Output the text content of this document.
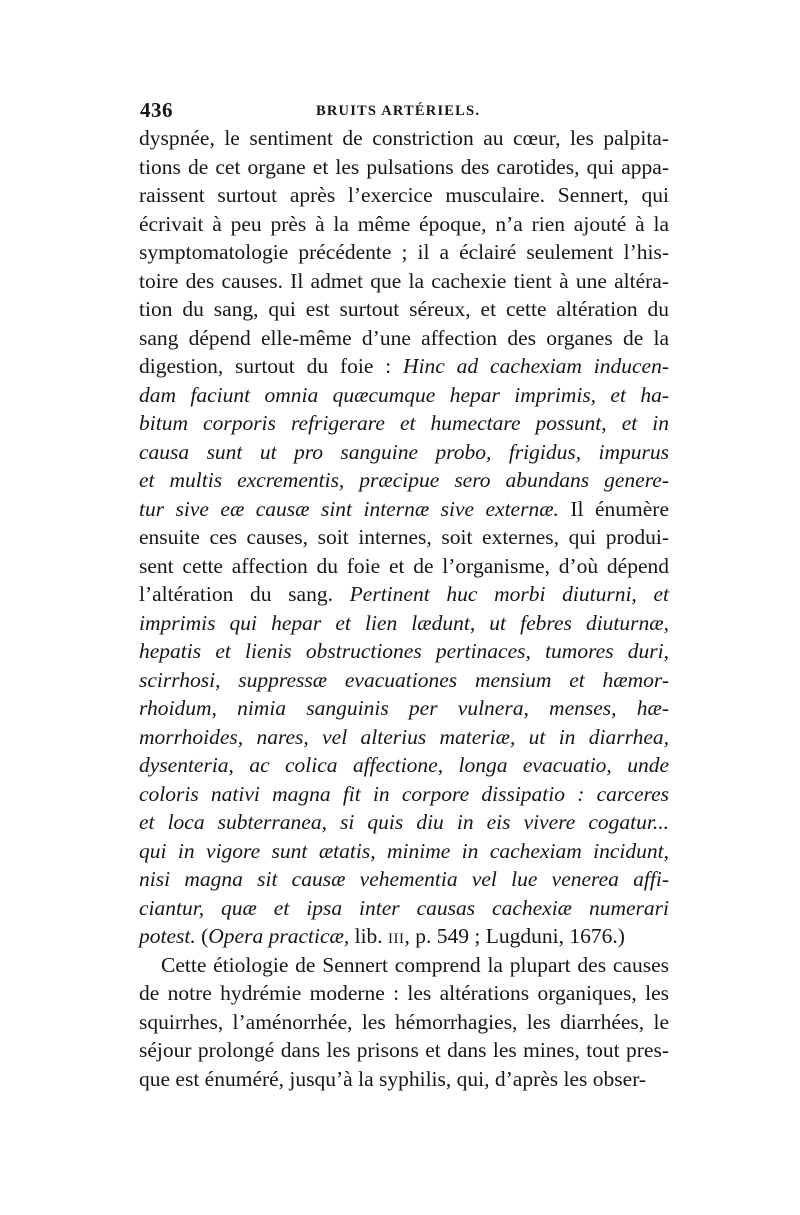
436	BRUITS ARTÉRIELS.
dyspnée, le sentiment de constriction au cœur, les palpita-
tions de cet organe et les pulsations des carotides, qui appa-
raissent surtout après l’exercice musculaire. Sennert, qui
écrivait à peu près à la même époque, n’a rien ajouté à la
symptomatologie précédente ; il a éclairé seulement l’his-
toire des causes. Il admet que la cachexie tient à une altéra-
tion du sang, qui est surtout séreux, et cette altération du
sang dépend elle-même d’une affection des organes de la
digestion, surtout du foie : Hinc ad cachexiam inducen-
dam faciunt omnia quæcumque hepar imprimis, et ha-
bitum corporis refrigerare et humectare possunt, et in
causa sunt ut pro sanguine probo, frigidus, impurus
et multis excrementis, præcipue sero abundans genere-
tur sive eæ causæ sint internæ sive externæ. Il énumère
ensuite ces causes, soit internes, soit externes, qui produi-
sent cette affection du foie et de l’organisme, d’où dépend
l’altération du sang. Pertinent huc morbi diuturni, et
imprimis qui hepar et lien lædunt, ut febres diuturnæ,
hepatis et lienis obstructiones pertinaces, tumores duri,
scirrhosi, suppressæ evacuationes mensium et hæmor-
rhoidum, nimia sanguinis per vulnera, menses, hæ-
morrhoides, nares, vel alterius materiæ, ut in diarrhea,
dysenteria, ac colica affectione, longa evacuatio, unde
coloris nativi magna fit in corpore dissipatio : carceres
et loca subterranea, si quis diu in eis vivere cogatur...
qui in vigore sunt ætatis, minime in cachexiam incidunt,
nisi magna sit causæ vehementia vel lue venerea affi-
ciantur, quæ et ipsa inter causas cachexiæ numerari
potest. (Opera practicæ, lib. III, p. 549 ; Lugduni, 1676.)
Cette étiologie de Sennert comprend la plupart des causes
de notre hydrémie moderne : les altérations organiques, les
squirrhes, l’aménorrhée, les hémorrhagies, les diarrhées, le
séjour prolongé dans les prisons et dans les mines, tout pres-
que est énuméré, jusqu’à la syphilis, qui, d’après les obser-
